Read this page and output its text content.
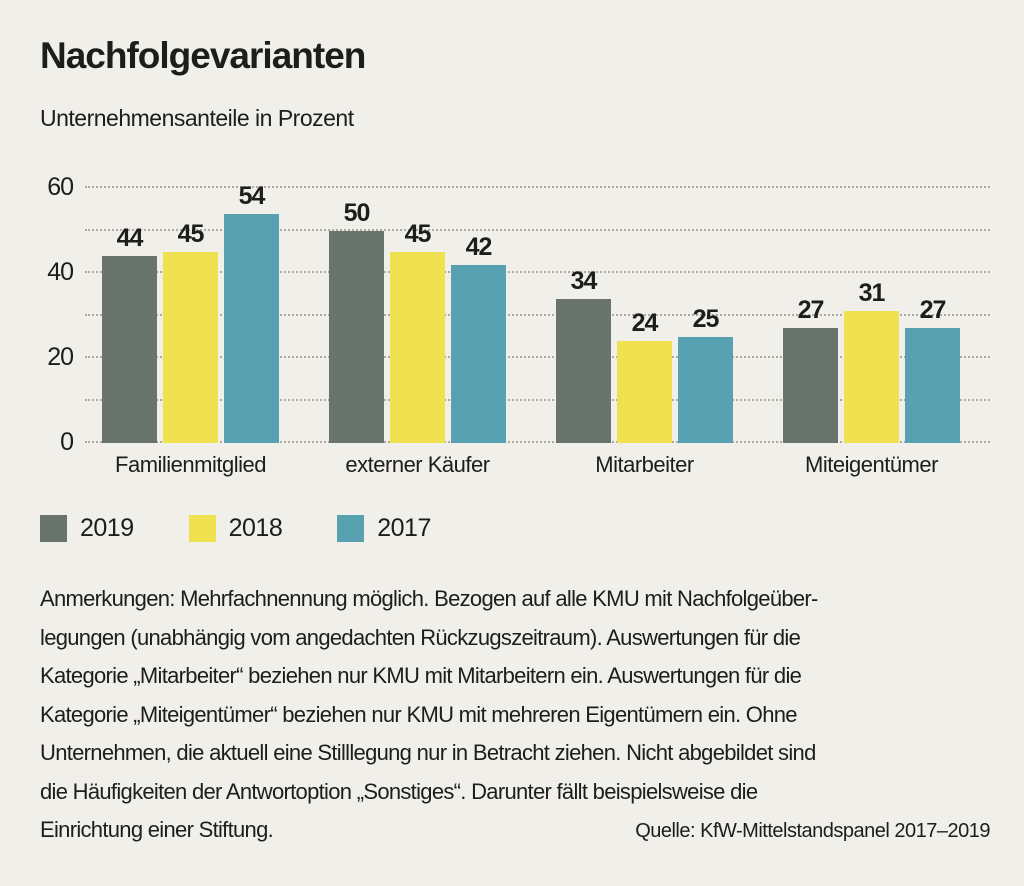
Nachfolgevarianten
Unternehmensanteile in Prozent
0
20
40
60
44 45
54
Familienmitglied
50
45 42
externer Käufer
34
24 25
Mitarbeiter
27
31
27
Miteigentümer
2019	2018	2017
Anmerkungen: Mehrfachnennung möglich. Bezogen auf alle KMU mit Nachfolgeüber-
legungen (unabhängig vom angedachten Rückzugszeitraum). Auswertungen für die
Kategorie „Mitarbeiter“ beziehen nur KMU mit Mitarbeitern ein. Auswertungen für die
Kategorie „Miteigentümer“ beziehen nur KMU mit mehreren Eigentümern ein. Ohne
Unternehmen, die aktuell eine Stilllegung nur in Betracht ziehen. Nicht abgebildet sind
die Häufigkeiten der Antwortoption „Sonstiges“. Darunter fällt beispielsweise die
Einrichtung einer Stiftung.	Quelle: KfW-Mittelstandspanel 2017–2019
